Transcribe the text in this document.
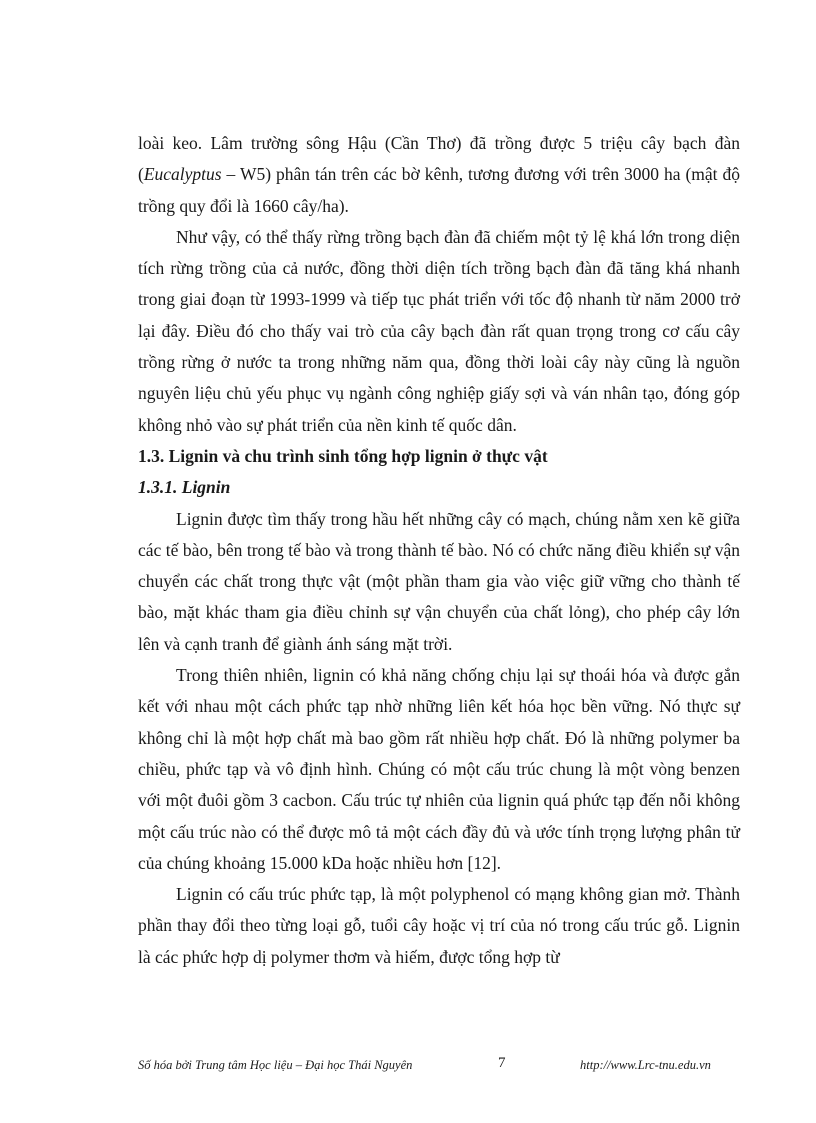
loài keo. Lâm trường sông Hậu (Cần Thơ) đã trồng được 5 triệu cây bạch đàn (Eucalyptus – W5) phân tán trên các bờ kênh, tương đương với trên 3000 ha (mật độ trồng quy đổi là 1660 cây/ha).

Như vậy, có thể thấy rừng trồng bạch đàn đã chiếm một tỷ lệ khá lớn trong diện tích rừng trồng của cả nước, đồng thời diện tích trồng bạch đàn đã tăng khá nhanh trong giai đoạn từ 1993-1999 và tiếp tục phát triển với tốc độ nhanh từ năm 2000 trở lại đây. Điều đó cho thấy vai trò của cây bạch đàn rất quan trọng trong cơ cấu cây trồng rừng ở nước ta trong những năm qua, đồng thời loài cây này cũng là nguồn nguyên liệu chủ yếu phục vụ ngành công nghiệp giấy sợi và ván nhân tạo, đóng góp không nhỏ vào sự phát triển của nền kinh tế quốc dân.

1.3. Lignin và chu trình sinh tổng hợp lignin ở thực vật
1.3.1. Lignin

Lignin được tìm thấy trong hầu hết những cây có mạch, chúng nằm xen kẽ giữa các tế bào, bên trong tế bào và trong thành tế bào. Nó có chức năng điều khiển sự vận chuyển các chất trong thực vật (một phần tham gia vào việc giữ vững cho thành tế bào, mặt khác tham gia điều chỉnh sự vận chuyển của chất lỏng), cho phép cây lớn lên và cạnh tranh để giành ánh sáng mặt trời.

Trong thiên nhiên, lignin có khả năng chống chịu lại sự thoái hóa và được gắn kết với nhau một cách phức tạp nhờ những liên kết hóa học bền vững. Nó thực sự không chỉ là một hợp chất mà bao gồm rất nhiều hợp chất. Đó là những polymer ba chiều, phức tạp và vô định hình. Chúng có một cấu trúc chung là một vòng benzen với một đuôi gồm 3 cacbon. Cấu trúc tự nhiên của lignin quá phức tạp đến nỗi không một cấu trúc nào có thể được mô tả một cách đầy đủ và ước tính trọng lượng phân tử của chúng khoảng 15.000 kDa hoặc nhiều hơn [12].

Lignin có cấu trúc phức tạp, là một polyphenol có mạng không gian mở. Thành phần thay đổi theo từng loại gỗ, tuổi cây hoặc vị trí của nó trong cấu trúc gỗ. Lignin là các phức hợp dị polymer thơm và hiếm, được tổng hợp từ

Số hóa bởi Trung tâm Học liệu – Đại học Thái Nguyên	7	http://www.Lrc-tnu.edu.vn
